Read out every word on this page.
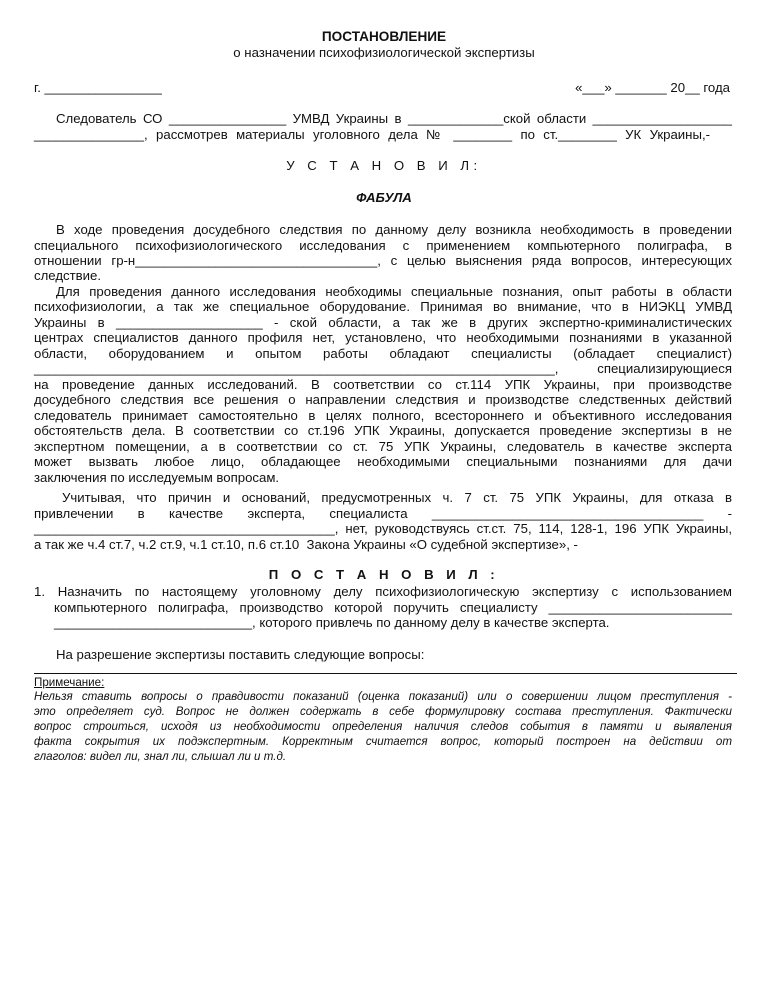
ПОСТАНОВЛЕНИЕ
о назначении психофизиологической экспертизы
г. ________________	«___» _______ 20__ года
Следователь СО ________________ УМВД Украины в _____________ской области ___________________
_______________, рассмотрев материалы уголовного дела № ________ по ст.________ УК Украины,-
У С Т А Н О В И Л:
ФАБУЛА
В ходе проведения досудебного следствия по данному делу возникла необходимость в проведении
специального психофизиологического исследования с применением компьютерного полиграфа, в
отношении гр-н_________________________________, с целью выяснения ряда вопросов, интересующих
следствие.
Для проведения данного исследования необходимы специальные познания, опыт работы в области
психофизиологии, а так же специальное оборудование. Принимая во внимание, что в НИЭКЦ УМВД
Украины в ____________________ - ской области, а так же в других экспертно-криминалистических
центрах специалистов данного профиля нет, установлено, что необходимыми познаниями в указанной
области, оборудованием и опытом работы обладают специалисты (обладает специалист)
_______________________________________________________________________, специализирующиеся
на проведение данных исследований. В соответствии со ст.114 УПК Украины, при производстве
досудебного следствия все решения о направлении следствия и производстве следственных действий
следователь принимает самостоятельно в целях полного, всестороннего и объективного исследования
обстоятельств дела. В соответствии со ст.196 УПК Украины, допускается проведение экспертизы в не
экспертном помещении, а в соответствии со ст. 75 УПК Украины, следователь в качестве эксперта
может вызвать любое лицо, обладающее необходимыми специальными познаниями для дачи
заключения по исследуемым вопросам.
Учитывая, что причин и оснований, предусмотренных ч. 7 ст. 75 УПК Украины, для отказа в
привлечении в качестве эксперта, специалиста _____________________________________ -
_________________________________________, нет, руководствуясь ст.ст. 75, 114, 128-1, 196 УПК Украины,
а так же ч.4 ст.7, ч.2 ст.9, ч.1 ст.10, п.6 ст.10  Закона Украины «О судебной экспертизе», -
П О С Т А Н О В И Л :
1. Назначить по настоящему уголовному делу психофизиологическую экспертизу с использованием
компьютерного полиграфа, производство которой поручить специалисту _________________________
___________________________, которого привлечь по данному делу в качестве эксперта.
На разрешение экспертизы поставить следующие вопросы:
Примечание:
Нельзя ставить вопросы о правдивости показаний (оценка показаний) или о совершении лицом преступления -
это определяет суд. Вопрос не должен содержать в себе формулировку состава преступления. Фактически
вопрос строиться, исходя из необходимости определения наличия следов события в памяти и выявления
факта сокрытия их подэкспертным. Корректным считается вопрос, который построен на действии от
глаголов: видел ли, знал ли, слышал ли и т.д.
